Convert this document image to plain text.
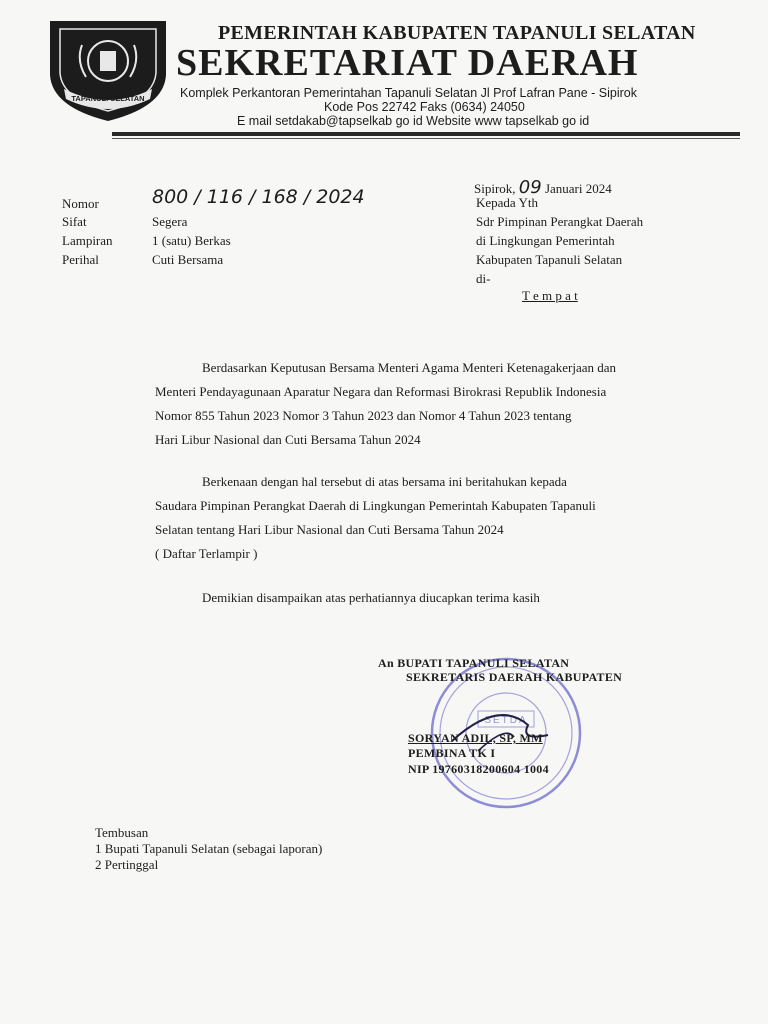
TAPANULI SELATAN
PEMERINTAH KABUPATEN TAPANULI SELATAN
SEKRETARIAT DAERAH
Komplek Perkantoran Pemerintahan Tapanuli Selatan Jl Prof Lafran Pane - Sipirok
Kode Pos 22742 Faks (0634) 24050
E mail setdakab@tapselkab go id Website www tapselkab go id
Sipirok, 09 Januari 2024
Nomor	800 / 116 / 168 / 2024
Sifat	Segera
Lampiran	1 (satu) Berkas
Perihal	Cuti Bersama
Kepada Yth
Sdr Pimpinan Perangkat Daerah
di Lingkungan Pemerintah
Kabupaten Tapanuli Selatan
di-
T e m p a t
Berdasarkan Keputusan Bersama Menteri Agama Menteri Ketenagakerjaan dan
Menteri Pendayagunaan Aparatur Negara dan Reformasi Birokrasi Republik Indonesia
Nomor 855 Tahun 2023 Nomor 3 Tahun 2023 dan Nomor 4 Tahun 2023 tentang
Hari Libur Nasional dan Cuti Bersama Tahun 2024
Berkenaan dengan hal tersebut di atas bersama ini beritahukan kepada
Saudara Pimpinan Perangkat Daerah di Lingkungan Pemerintah Kabupaten Tapanuli
Selatan tentang Hari Libur Nasional dan Cuti Bersama Tahun 2024
( Daftar Terlampir )
Demikian disampaikan atas perhatiannya diucapkan terima kasih
SETDA
An BUPATI TAPANULI SELATAN
SEKRETARIS DAERAH KABUPATEN
SORYAN ADIL, SP, MM
PEMBINA TK I
NIP 19760318200604 1004
Tembusan
1 Bupati Tapanuli Selatan (sebagai laporan)
2 Pertinggal
